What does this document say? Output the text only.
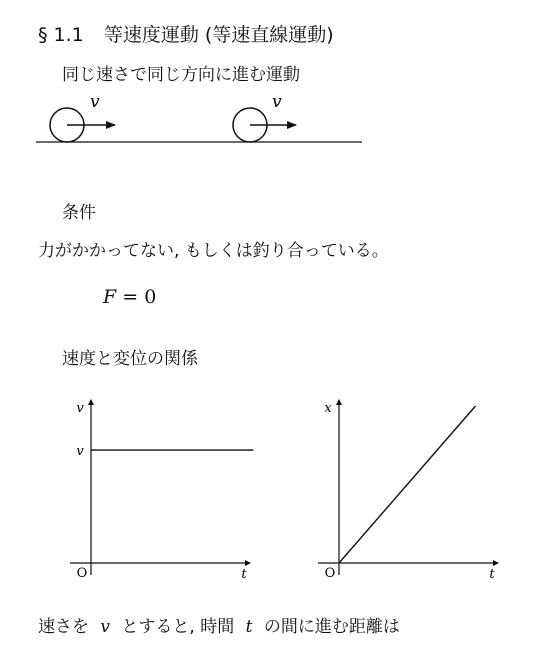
§ 1.1 等速度運動 (等速直線運動)
同じ速さで同じ方向に進む運動
v	v
条件
力がかかってない, もしくは釣り合っている。
F = 0
速度と変位の関係
v
t
O
v
x
t
O
速さを v とすると, 時間 t の間に進む距離は
